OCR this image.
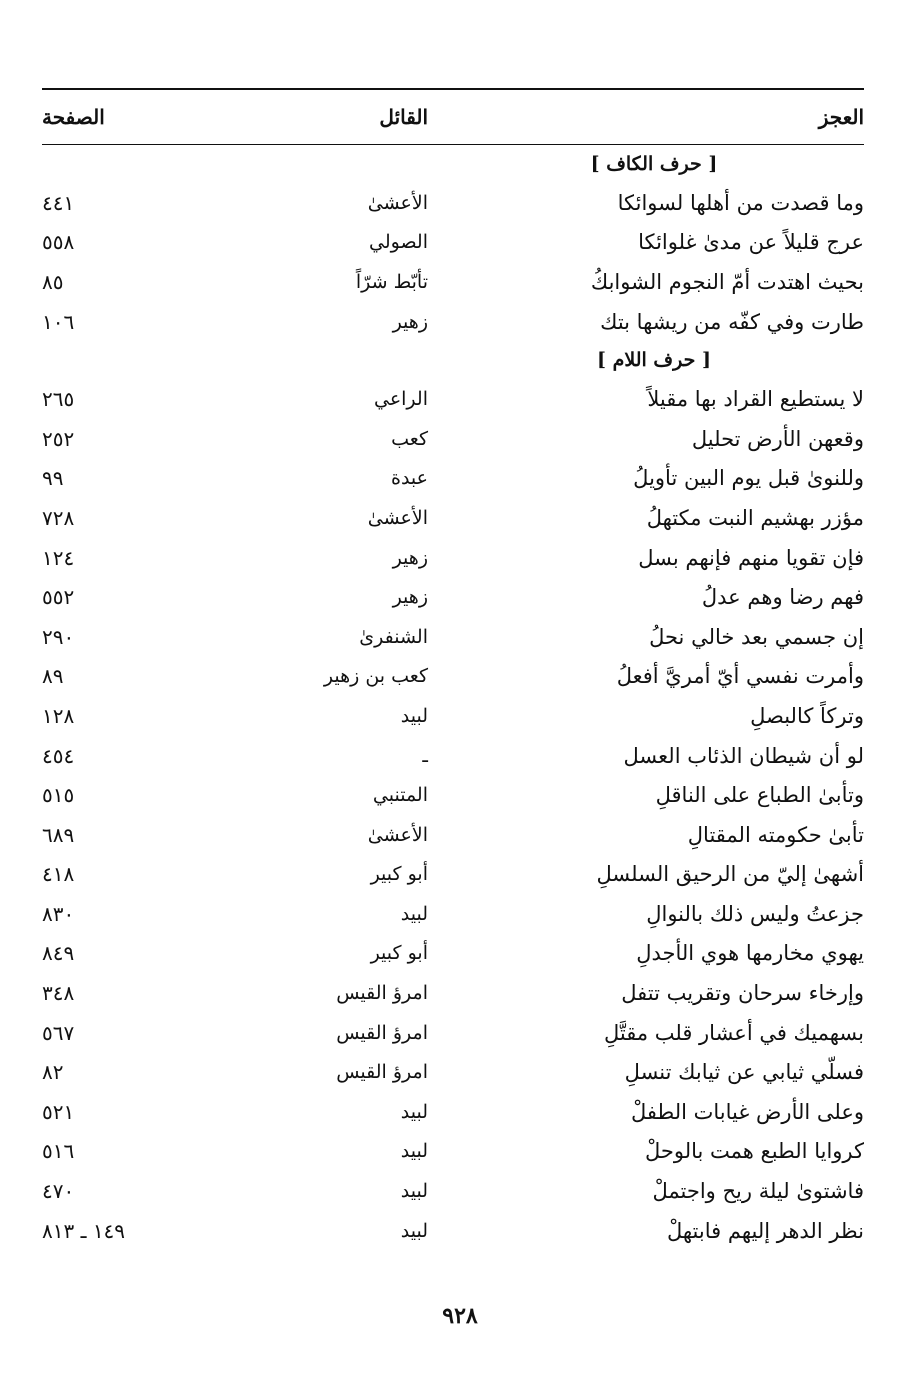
العجز
القائل
الصفحة
[ حرف الكاف ]
وما قصدت من أهلها لسوائكا
الأعشىٰ
٤٤١
عرج قليلاً عن مدىٰ غلوائكا
الصولي
٥٥٨
بحيث اهتدت أمّ النجوم الشوابكُ
تأبّط شرّاً
٨٥
طارت وفي كفّه من ريشها بتك
زهير
١٠٦
[ حرف اللام ]
لا يستطيع القراد بها مقيلاً
الراعي
٢٦٥
وقعهن الأرض تحليل
كعب
٢٥٢
وللنوىٰ قبل يوم البين تأويلُ
عبدة
٩٩
مؤزر بهشيم النبت مكتهلُ
الأعشىٰ
٧٢٨
فإن تقويا منهم فإنهم بسل
زهير
١٢٤
فهم رضا وهم عدلُ
زهير
٥٥٢
إن جسمي بعد خالي نحلُ
الشنفرىٰ
٢٩٠
وأمرت نفسي أيّ أمريَّ أفعلُ
كعب بن زهير
٨٩
وتركاً كالبصلِ
لبيد
١٢٨
لو أن شيطان الذئاب العسل
ـ
٤٥٤
وتأبىٰ الطباع على الناقلِ
المتنبي
٥١٥
تأبىٰ حكومته المقتالِ
الأعشىٰ
٦٨٩
أشهىٰ إليّ من الرحيق السلسلِ
أبو كبير
٤١٨
جزعتُ وليس ذلك بالنوالِ
لبيد
٨٣٠
يهوي مخارمها هوي الأجدلِ
أبو كبير
٨٤٩
وإرخاء سرحان وتقريب تتفل
امرؤ القيس
٣٤٨
بسهميك في أعشار قلب مقتَّلِ
امرؤ القيس
٥٦٧
فسلّي ثيابي عن ثيابك تنسلِ
امرؤ القيس
٨٢
وعلى الأرض غيابات الطفلْ
لبيد
٥٢١
كروايا الطبع همت بالوحلْ
لبيد
٥١٦
فاشتوىٰ ليلة ريح واجتملْ
لبيد
٤٧٠
نظر الدهر إليهم فابتهلْ
لبيد
١٤٩ ـ ٨١٣
٩٢٨
